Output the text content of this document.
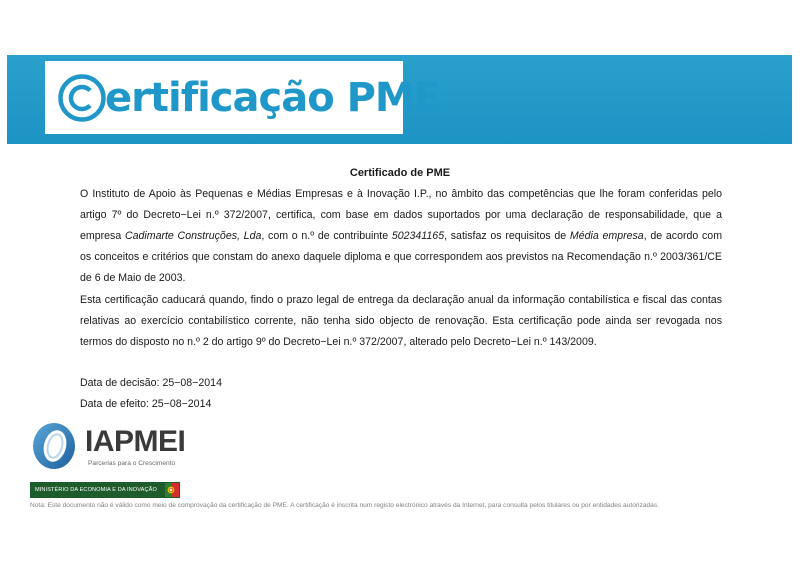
ertificação PME
Certificado de PME

O Instituto de Apoio às Pequenas e Médias Empresas e à Inovação I.P., no âmbito das competências que lhe foram conferidas pelo artigo 7º do Decreto−Lei n.º 372/2007, certifica, com base em dados suportados por uma declaração de responsabilidade, que a empresa Cadimarte Construções, Lda, com o n.º de contribuinte 502341165, satisfaz os requisitos de Média empresa, de acordo com os conceitos e critérios que constam do anexo daquele diploma e que correspondem aos previstos na Recomendação n.º 2003/361/CE de 6 de Maio de 2003.

Esta certificação caducará quando, findo o prazo legal de entrega da declaração anual da informação contabilística e fiscal das contas relativas ao exercício contabilístico corrente, não tenha sido objecto de renovação. Esta certificação pode ainda ser revogada nos termos do disposto no n.º 2 do artigo 9º do Decreto−Lei n.º 372/2007, alterado pelo Decreto−Lei n.º 143/2009.

Data de decisão: 25−08−2014
Data de efeito: 25−08−2014
IAPMEI
Parcerias para o Crescimento
MINISTÉRIO DA ECONOMIA E DA INOVAÇÃO
Nota: Este documento não é válido como meio de comprovação da certificação de PME. A certificação é inscrita num registo electrónico através da Internet, para consulta pelos titulares ou por entidades autorizadas.
